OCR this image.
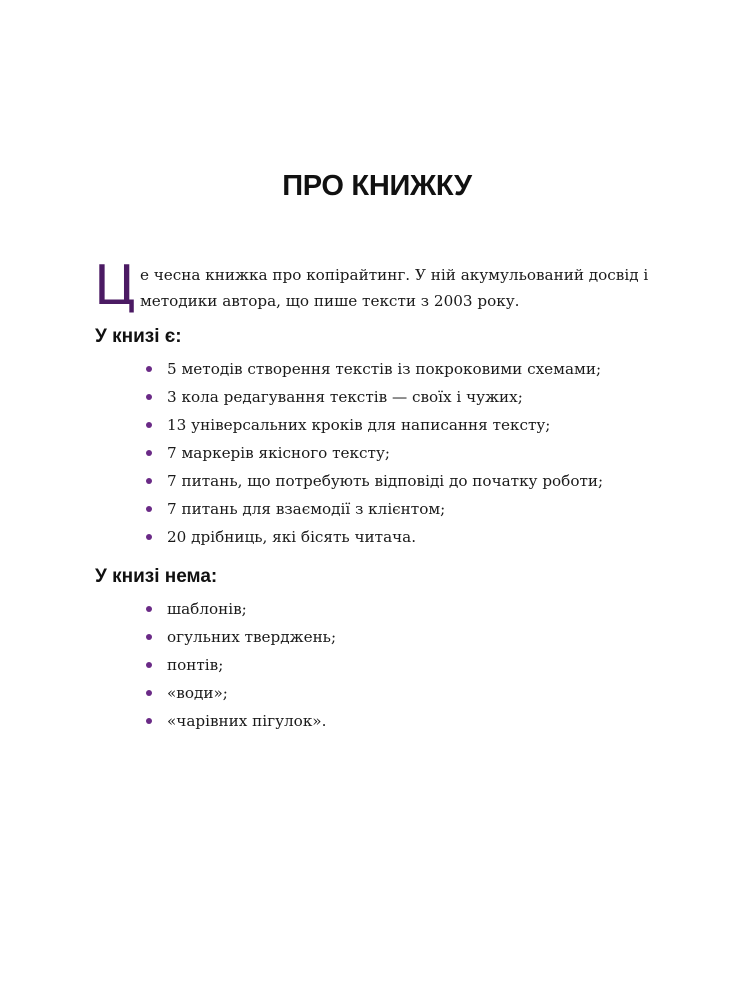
ПРО КНИЖКУ
Ц е чесна книжка про копірайтинг. У ній акумульований досвід і методики автора, що пише тексти з 2003 року.

У книзі є:
5 методів створення текстів із покроковими схемами;
3 кола редагування текстів — своїх і чужих;
13 універсальних кроків для написання тексту;
7 маркерів якісного тексту;
7 питань, що потребують відповіді до початку роботи;
7 питань для взаємодії з клієнтом;
20 дрібниць, які бісять читача.
У книзі нема:
шаблонів;
огульних тверджень;
понтів;
«води»;
«чарівних пігулок».
